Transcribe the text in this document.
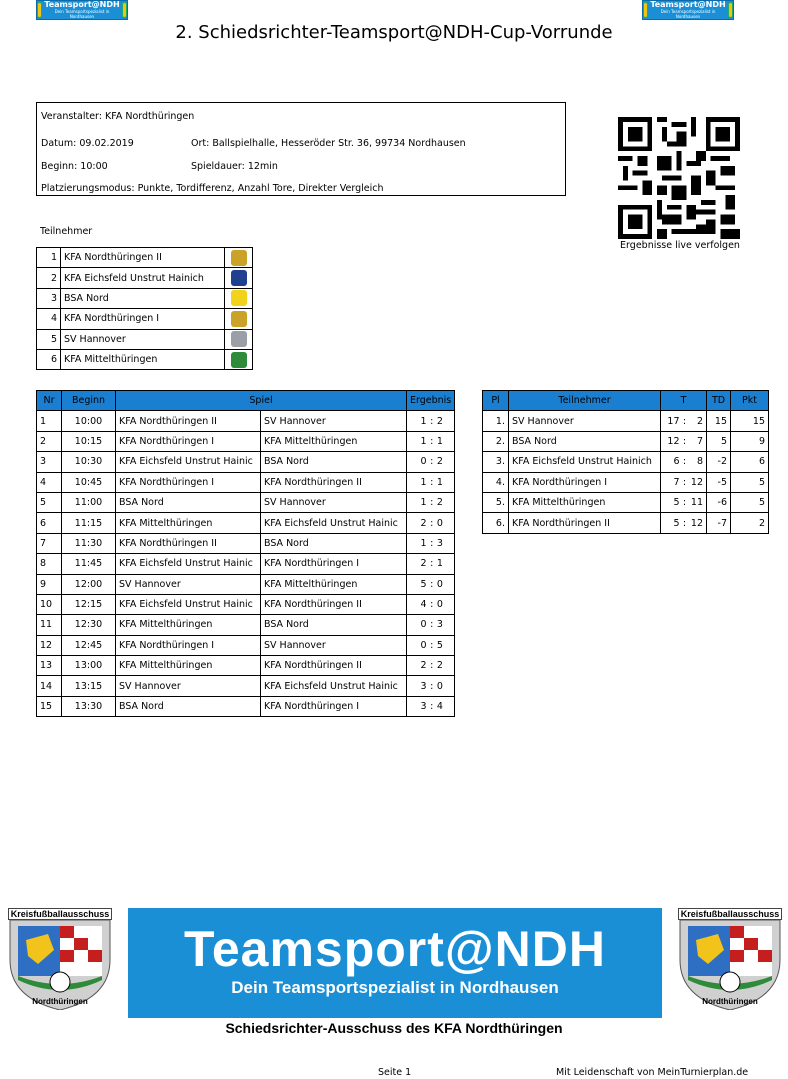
Teamsport@NDH
Dein Teamsportspezialist in Nordhausen
Teamsport@NDH
Dein Teamsportspezialist in Nordhausen
2. Schiedsrichter-Teamsport@NDH-Cup-Vorrunde
Veranstalter: KFA Nordthüringen
Datum: 09.02.2019	Ort: Ballspielhalle, Hesseröder Str. 36, 99734 Nordhausen
Beginn: 10:00	Spieldauer: 12min
Platzierungsmodus: Punkte, Tordifferenz, Anzahl Tore, Direkter Vergleich
Ergebnisse live verfolgen
Teilnehmer
1	KFA Nordthüringen II	
2	KFA Eichsfeld Unstrut Hainich	
3	BSA Nord	
4	KFA Nordthüringen I	
5	SV Hannover	
6	KFA Mittelthüringen	
Nr	Beginn	Spiel		Ergebnis		
1	10:00	KFA Nordthüringen II	SV Hannover	1	:	2
2	10:15	KFA Nordthüringen I	KFA Mittelthüringen	1	:	1
3	10:30	KFA Eichsfeld Unstrut Hainic	BSA Nord	0	:	2
4	10:45	KFA Nordthüringen I	KFA Nordthüringen II	1	:	1
5	11:00	BSA Nord	SV Hannover	1	:	2
6	11:15	KFA Mittelthüringen	KFA Eichsfeld Unstrut Hainic	2	:	0
7	11:30	KFA Nordthüringen II	BSA Nord	1	:	3
8	11:45	KFA Eichsfeld Unstrut Hainic	KFA Nordthüringen I	2	:	1
9	12:00	SV Hannover	KFA Mittelthüringen	5	:	0
10	12:15	KFA Eichsfeld Unstrut Hainic	KFA Nordthüringen II	4	:	0
11	12:30	KFA Mittelthüringen	BSA Nord	0	:	3
12	12:45	KFA Nordthüringen I	SV Hannover	0	:	5
13	13:00	KFA Mittelthüringen	KFA Nordthüringen II	2	:	2
14	13:15	SV Hannover	KFA Eichsfeld Unstrut Hainic	3	:	0
15	13:30	BSA Nord	KFA Nordthüringen I	3	:	4
Pl	Teilnehmer	T			TD	Pkt
1.	SV Hannover	17	:	2	15	15
2.	BSA Nord	12	:	7	5	9
3.	KFA Eichsfeld Unstrut Hainich	6	:	8	-2	6
4.	KFA Nordthüringen I	7	:	12	-5	5
5.	KFA Mittelthüringen	5	:	11	-6	5
6.	KFA Nordthüringen II	5	:	12	-7	2
Kreisfußballausschuss
Nordthüringen
Kreisfußballausschuss
Nordthüringen
Teamsport@NDH
Dein Teamsportspezialist in Nordhausen
Schiedsrichter-Ausschuss des KFA Nordthüringen
Seite 1	Mit Leidenschaft von MeinTurnierplan.de
